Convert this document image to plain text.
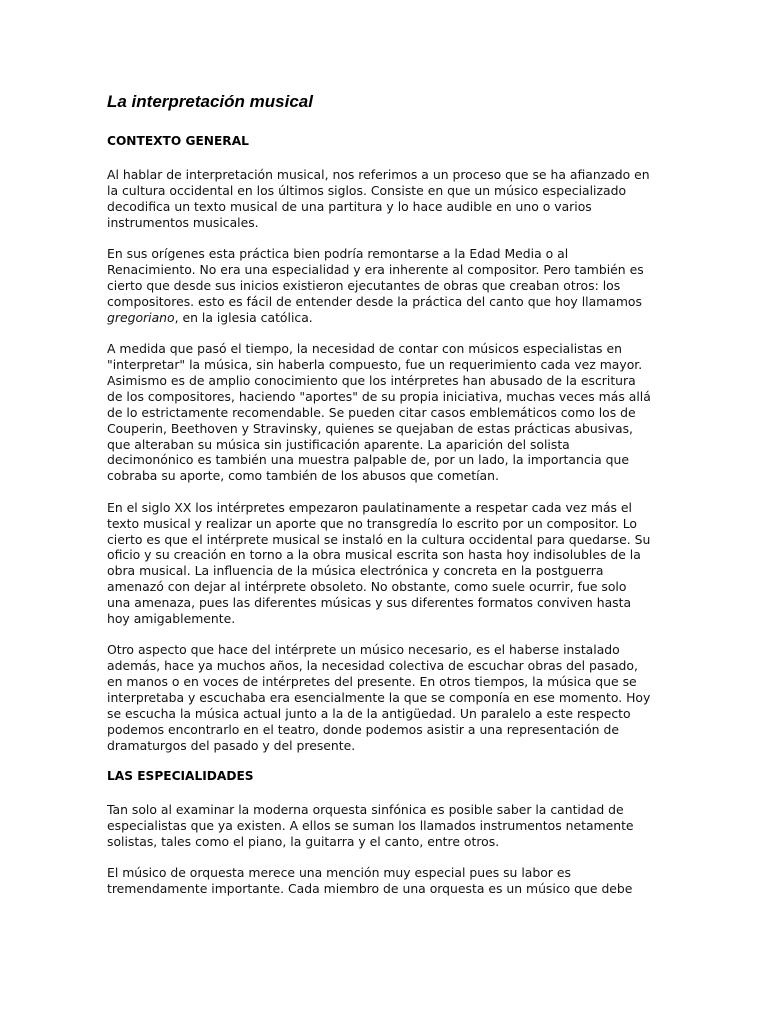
La interpretación musical
CONTEXTO GENERAL

Al hablar de interpretación musical, nos referimos a un proceso que se ha afianzado en
la cultura occidental en los últimos siglos. Consiste en que un músico especializado
decodifica un texto musical de una partitura y lo hace audible en uno o varios
instrumentos musicales.

En sus orígenes esta práctica bien podría remontarse a la Edad Media o al
Renacimiento. No era una especialidad y era inherente al compositor. Pero también es
cierto que desde sus inicios existieron ejecutantes de obras que creaban otros: los
compositores. esto es fácil de entender desde la práctica del canto que hoy llamamos
gregoriano, en la iglesia católica.

A medida que pasó el tiempo, la necesidad de contar con músicos especialistas en
"interpretar" la música, sin haberla compuesto, fue un requerimiento cada vez mayor.
Asimismo es de amplio conocimiento que los intérpretes han abusado de la escritura
de los compositores, haciendo "aportes" de su propia iniciativa, muchas veces más allá
de lo estrictamente recomendable. Se pueden citar casos emblemáticos como los de
Couperin, Beethoven y Stravinsky, quienes se quejaban de estas prácticas abusivas,
que alteraban su música sin justificación aparente. La aparición del solista
decimonónico es también una muestra palpable de, por un lado, la importancia que
cobraba su aporte, como también de los abusos que cometían.

En el siglo XX los intérpretes empezaron paulatinamente a respetar cada vez más el
texto musical y realizar un aporte que no transgredía lo escrito por un compositor. Lo
cierto es que el intérprete musical se instaló en la cultura occidental para quedarse. Su
oficio y su creación en torno a la obra musical escrita son hasta hoy indisolubles de la
obra musical. La influencia de la música electrónica y concreta en la postguerra
amenazó con dejar al intérprete obsoleto. No obstante, como suele ocurrir, fue solo
una amenaza, pues las diferentes músicas y sus diferentes formatos conviven hasta
hoy amigablemente.

Otro aspecto que hace del intérprete un músico necesario, es el haberse instalado
además, hace ya muchos años, la necesidad colectiva de escuchar obras del pasado,
en manos o en voces de intérpretes del presente. En otros tiempos, la música que se
interpretaba y escuchaba era esencialmente la que se componía en ese momento. Hoy
se escucha la música actual junto a la de la antigüedad. Un paralelo a este respecto
podemos encontrarlo en el teatro, donde podemos asistir a una representación de
dramaturgos del pasado y del presente.

LAS ESPECIALIDADES

Tan solo al examinar la moderna orquesta sinfónica es posible saber la cantidad de
especialistas que ya existen. A ellos se suman los llamados instrumentos netamente
solistas, tales como el piano, la guitarra y el canto, entre otros.

El músico de orquesta merece una mención muy especial pues su labor es
tremendamente importante. Cada miembro de una orquesta es un músico que debe
